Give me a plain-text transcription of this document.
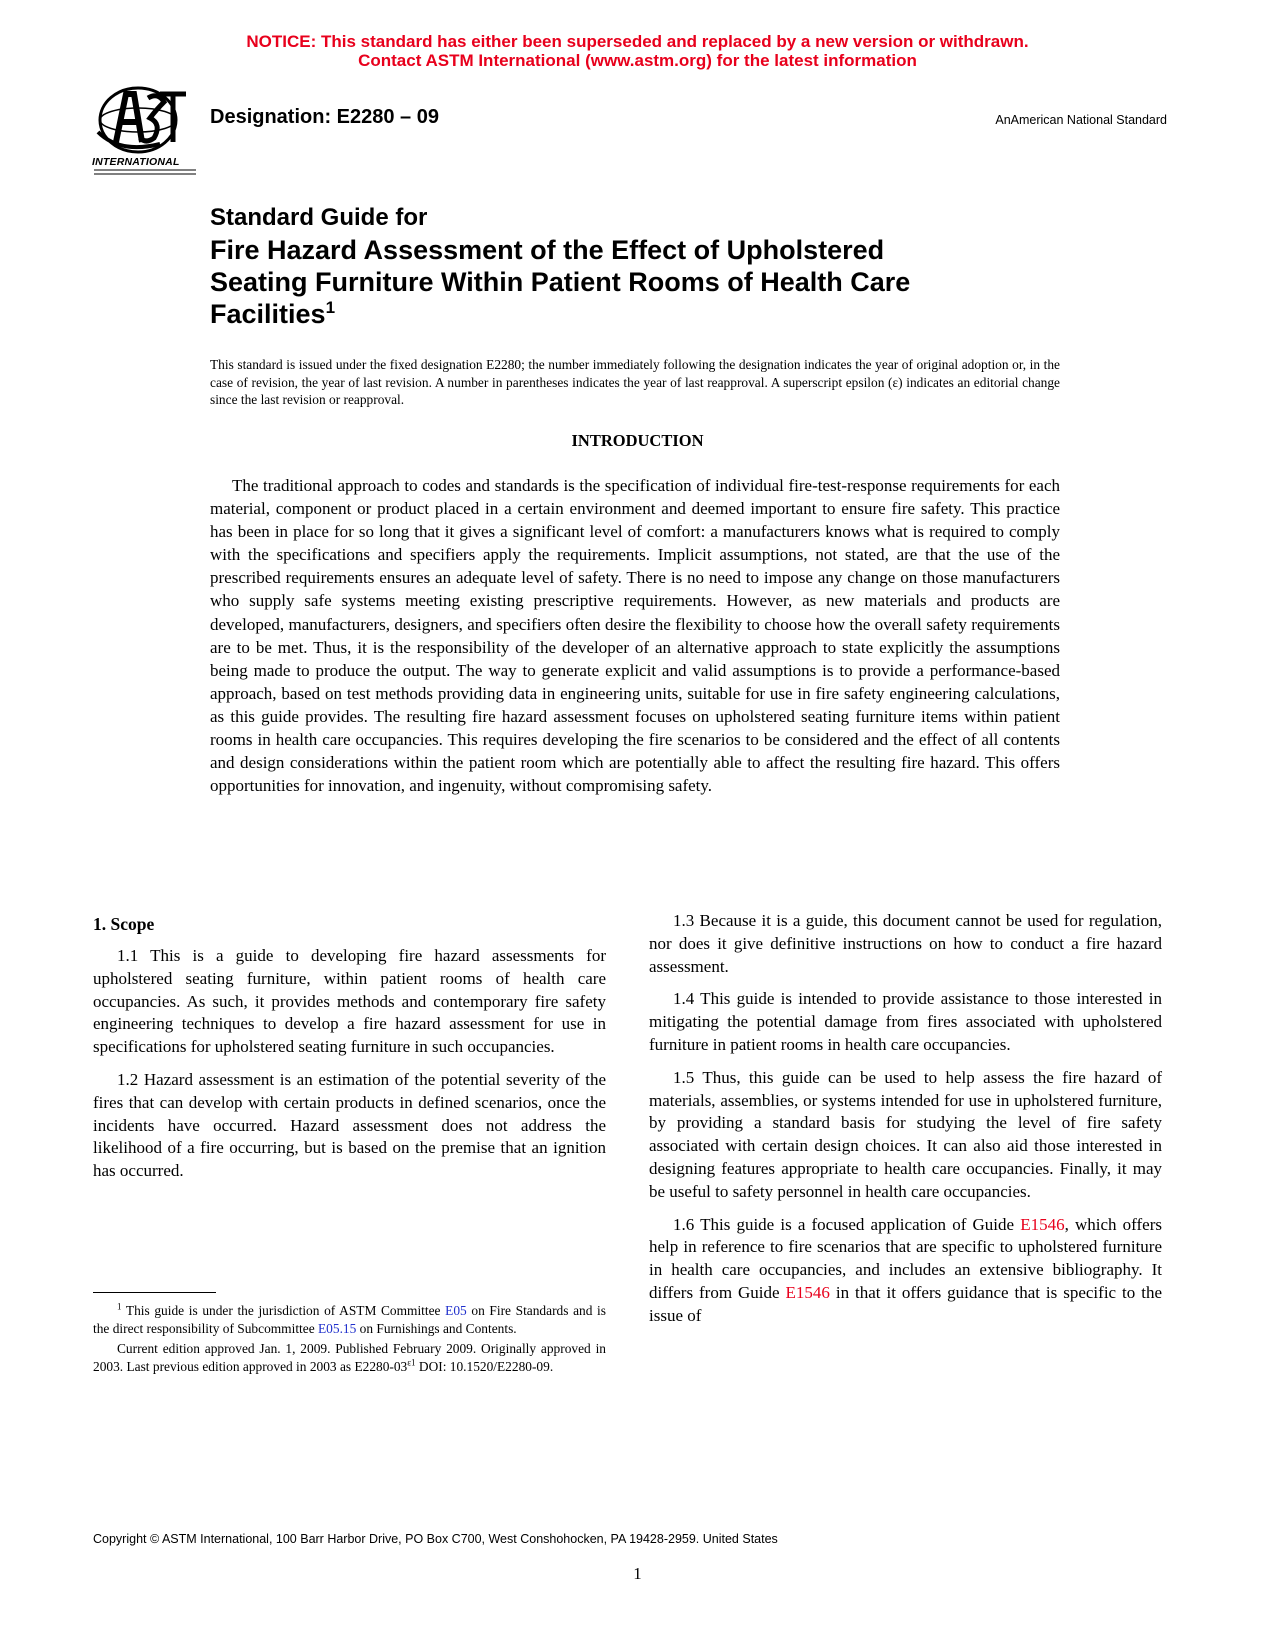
NOTICE: This standard has either been superseded and replaced by a new version or withdrawn.
Contact ASTM International (www.astm.org) for the latest information
INTERNATIONAL
Designation: E2280 – 09	AnAmerican National Standard
Standard Guide for
Fire Hazard Assessment of the Effect of Upholstered
Seating Furniture Within Patient Rooms of Health Care
Facilities$^1$
This standard is issued under the fixed designation E2280; the number immediately following the designation indicates the year of original adoption or, in the case of revision, the year of last revision. A number in parentheses indicates the year of last reapproval. A superscript epsilon (ε) indicates an editorial change since the last revision or reapproval.
INTRODUCTION

The traditional approach to codes and standards is the specification of individual fire-test-response requirements for each material, component or product placed in a certain environment and deemed important to ensure fire safety. This practice has been in place for so long that it gives a significant level of comfort: a manufacturers knows what is required to comply with the specifications and specifiers apply the requirements. Implicit assumptions, not stated, are that the use of the prescribed requirements ensures an adequate level of safety. There is no need to impose any change on those manufacturers who supply safe systems meeting existing prescriptive requirements. However, as new materials and products are developed, manufacturers, designers, and specifiers often desire the flexibility to choose how the overall safety requirements are to be met. Thus, it is the responsibility of the developer of an alternative approach to state explicitly the assumptions being made to produce the output. The way to generate explicit and valid assumptions is to provide a performance-based approach, based on test methods providing data in engineering units, suitable for use in fire safety engineering calculations, as this guide provides. The resulting fire hazard assessment focuses on upholstered seating furniture items within patient rooms in health care occupancies. This requires developing the fire scenarios to be considered and the effect of all contents and design considerations within the patient room which are potentially able to affect the resulting fire hazard. This offers opportunities for innovation, and ingenuity, without compromising safety.

1. Scope

1.1 This is a guide to developing fire hazard assessments for upholstered seating furniture, within patient rooms of health care occupancies. As such, it provides methods and contemporary fire safety engineering techniques to develop a fire hazard assessment for use in specifications for upholstered seating furniture in such occupancies.

1.2 Hazard assessment is an estimation of the potential severity of the fires that can develop with certain products in defined scenarios, once the incidents have occurred. Hazard assessment does not address the likelihood of a fire occurring, but is based on the premise that an ignition has occurred.

$^1$ This guide is under the jurisdiction of ASTM Committee E05 on Fire Standards and is the direct responsibility of Subcommittee E05.15 on Furnishings and Contents.

Current edition approved Jan. 1, 2009. Published February 2009. Originally approved in 2003. Last previous edition approved in 2003 as $E2280-03^{\varepsilon 1}$ DOI: 10.1520/E2280-09.

1.3 Because it is a guide, this document cannot be used for regulation, nor does it give definitive instructions on how to conduct a fire hazard assessment.

1.4 This guide is intended to provide assistance to those interested in mitigating the potential damage from fires associated with upholstered furniture in patient rooms in health care occupancies.

1.5 Thus, this guide can be used to help assess the fire hazard of materials, assemblies, or systems intended for use in upholstered furniture, by providing a standard basis for studying the level of fire safety associated with certain design choices. It can also aid those interested in designing features appropriate to health care occupancies. Finally, it may be useful to safety personnel in health care occupancies.

1.6 This guide is a focused application of Guide E1546, which offers help in reference to fire scenarios that are specific to upholstered furniture in health care occupancies, and includes an extensive bibliography. It differs from Guide E1546 in that it offers guidance that is specific to the issue of

Copyright © ASTM International, 100 Barr Harbor Drive, PO Box C700, West Conshohocken, PA 19428-2959. United States
1
